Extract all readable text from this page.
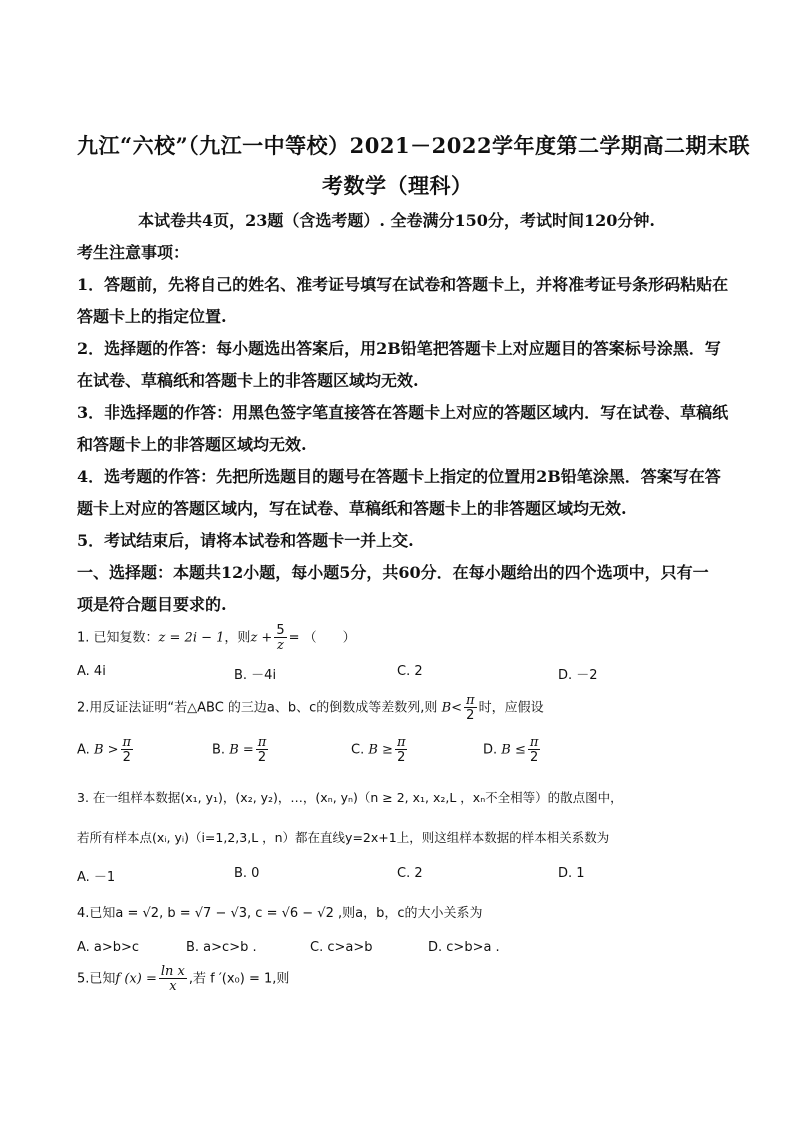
九江“六校”（九江一中等校）2021－2022学年度第二学期高二期末联
考数学（理科）
本试卷共4页，23题（含选考题）. 全卷满分150分，考试时间120分钟.
考生注意事项：
1．答题前，先将自己的姓名、准考证号填写在试卷和答题卡上，并将准考证号条形码粘贴在
答题卡上的指定位置.
2．选择题的作答：每小题选出答案后，用2B铅笔把答题卡上对应题目的答案标号涂黑．写
在试卷、草稿纸和答题卡上的非答题区域均无效.
3．非选择题的作答：用黑色签字笔直接答在答题卡上对应的答题区域内．写在试卷、草稿纸
和答题卡上的非答题区域均无效.
4．选考题的作答：先把所选题目的题号在答题卡上指定的位置用2B铅笔涂黑．答案写在答
题卡上对应的答题区域内，写在试卷、草稿纸和答题卡上的非答题区域均无效.
5．考试结束后，请将本试卷和答题卡一并上交.
一、选择题：本题共12小题，每小题5分，共60分．在每小题给出的四个选项中，只有一
项是符合题目要求的.
1. 已知复数：z = 2i − 1，则$z + \frac{5}{z}$ = （　　）
A. 4i	B. －4i	C. 2	D. －2
2.用反证法证明“若△ABC 的三边a、b、c的倒数成等差数列,则 $B< \frac{\pi}{2}$ 时，应假设
A. $B > \frac{\pi}{2}$	B. $B = \frac{\pi}{2}$	C. $B \ge \frac{\pi}{2}$	D. $B \le \frac{\pi}{2}$
3. 在一组样本数据(x₁, y₁)，(x₂, y₂)，…，(xₙ, yₙ)（n ≥ 2, x₁, x₂,L ，xₙ不全相等）的散点图中，
若所有样本点(xᵢ, yᵢ)（i=1,2,3,L ，n）都在直线y=2x+1上，则这组样本数据的样本相关系数为
A. －1	B. 0	C. 2	D. 1
4.已知a = √2, b = √7 − √3, c = √6 − √2 ,则a，b，c的大小关系为
A. a>b>c	B. a>c>b .	C. c>a>b	D. c>b>a .
5.已知f $(x) = \frac{\text{ln x}}{x}$ ,若 f ′(x₀) = 1,则
